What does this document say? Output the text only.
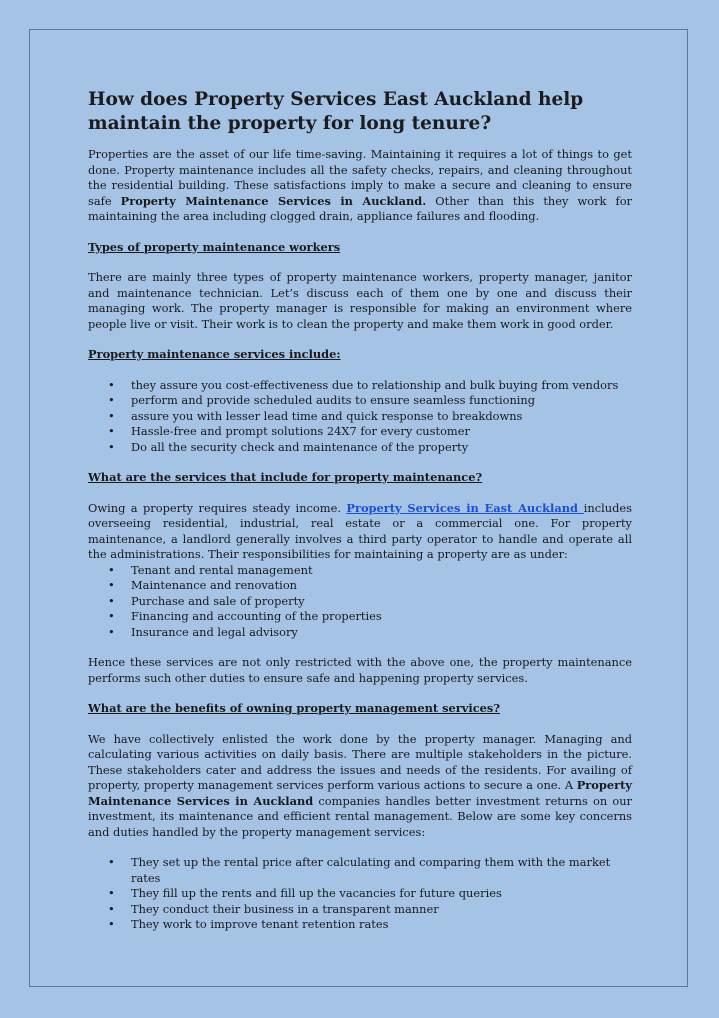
How does Property Services East Auckland help maintain the property for long tenure?

Properties are the asset of our life time-saving. Maintaining it requires a lot of things to get done. Property maintenance includes all the safety checks, repairs, and cleaning throughout the residential building. These satisfactions imply to make a secure and cleaning to ensure safe Property Maintenance Services in Auckland. Other than this they work for maintaining the area including clogged drain, appliance failures and flooding.

Types of property maintenance workers

There are mainly three types of property maintenance workers, property manager, janitor and maintenance technician. Let’s discuss each of them one by one and discuss their managing work. The property manager is responsible for making an environment where people live or visit. Their work is to clean the property and make them work in good order.

Property maintenance services include:

• they assure you cost-effectiveness due to relationship and bulk buying from vendors
• perform and provide scheduled audits to ensure seamless functioning
• assure you with lesser lead time and quick response to breakdowns
• Hassle-free and prompt solutions 24X7 for every customer
• Do all the security check and maintenance of the property

What are the services that include for property maintenance?

Owing a property requires steady income. Property Services in East Auckland includes overseeing residential, industrial, real estate or a commercial one. For property maintenance, a landlord generally involves a third party operator to handle and operate all the administrations. Their responsibilities for maintaining a property are as under:

• Tenant and rental management
• Maintenance and renovation
• Purchase and sale of property
• Financing and accounting of the properties
• Insurance and legal advisory

Hence these services are not only restricted with the above one, the property maintenance performs such other duties to ensure safe and happening property services.

What are the benefits of owning property management services?

We have collectively enlisted the work done by the property manager. Managing and calculating various activities on daily basis. There are multiple stakeholders in the picture. These stakeholders cater and address the issues and needs of the residents. For availing of property, property management services perform various actions to secure a one. A Property Maintenance Services in Auckland companies handles better investment returns on our investment, its maintenance and efficient rental management. Below are some key concerns and duties handled by the property management services:

• They set up the rental price after calculating and comparing them with the market rates
• They fill up the rents and fill up the vacancies for future queries
• They conduct their business in a transparent manner
• They work to improve tenant retention rates
